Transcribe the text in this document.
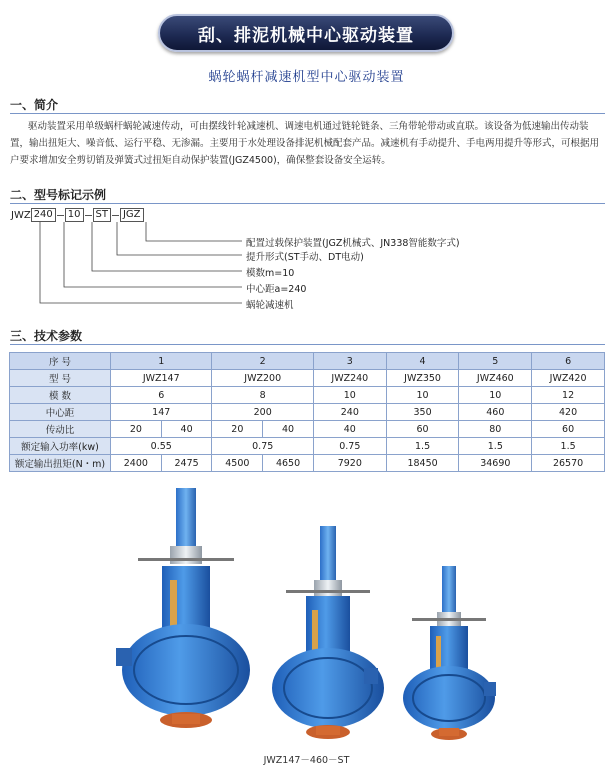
刮、排泥机械中心驱动装置
蜗轮蜗杆减速机型中心驱动装置
一、简介
驱动装置采用单级蜗杆蜗轮减速传动，可由摆线针轮减速机、调速电机通过链轮链条、三角带轮带动或直联。该设备为低速输出传动装置，输出扭矩大、噪音低、运行平稳、无渗漏。主要用于水处理设备排泥机械配套产品。减速机有手动提升、手电两用提升等形式，可根据用户要求增加安全剪切销及弹簧式过扭矩自动保护装置(JGZ4500)，确保整套设备安全运转。
二、型号标记示例
JWZ 240	10	ST	JGZ
配置过载保护装置(JGZ机械式、JN338智能数字式)
提升形式(ST手动、DT电动)
模数m=10
中心距a=240
蜗轮减速机
三、技术参数
序 号	1		2		3	4	5	6
型 号	JWZ147		JWZ200		JWZ240	JWZ350	JWZ460	JWZ420
模 数	6		8		10	10	10	12
中心距	147		200		240	350	460	420
传动比	20	40	20	40	40	60	80	60
额定输入功率(kw)	0.55		0.75		0.75	1.5	1.5	1.5
额定输出扭矩(N・m)	2400	2475	4500	4650	7920	18450	34690	26570
JWZ147－460－ST
